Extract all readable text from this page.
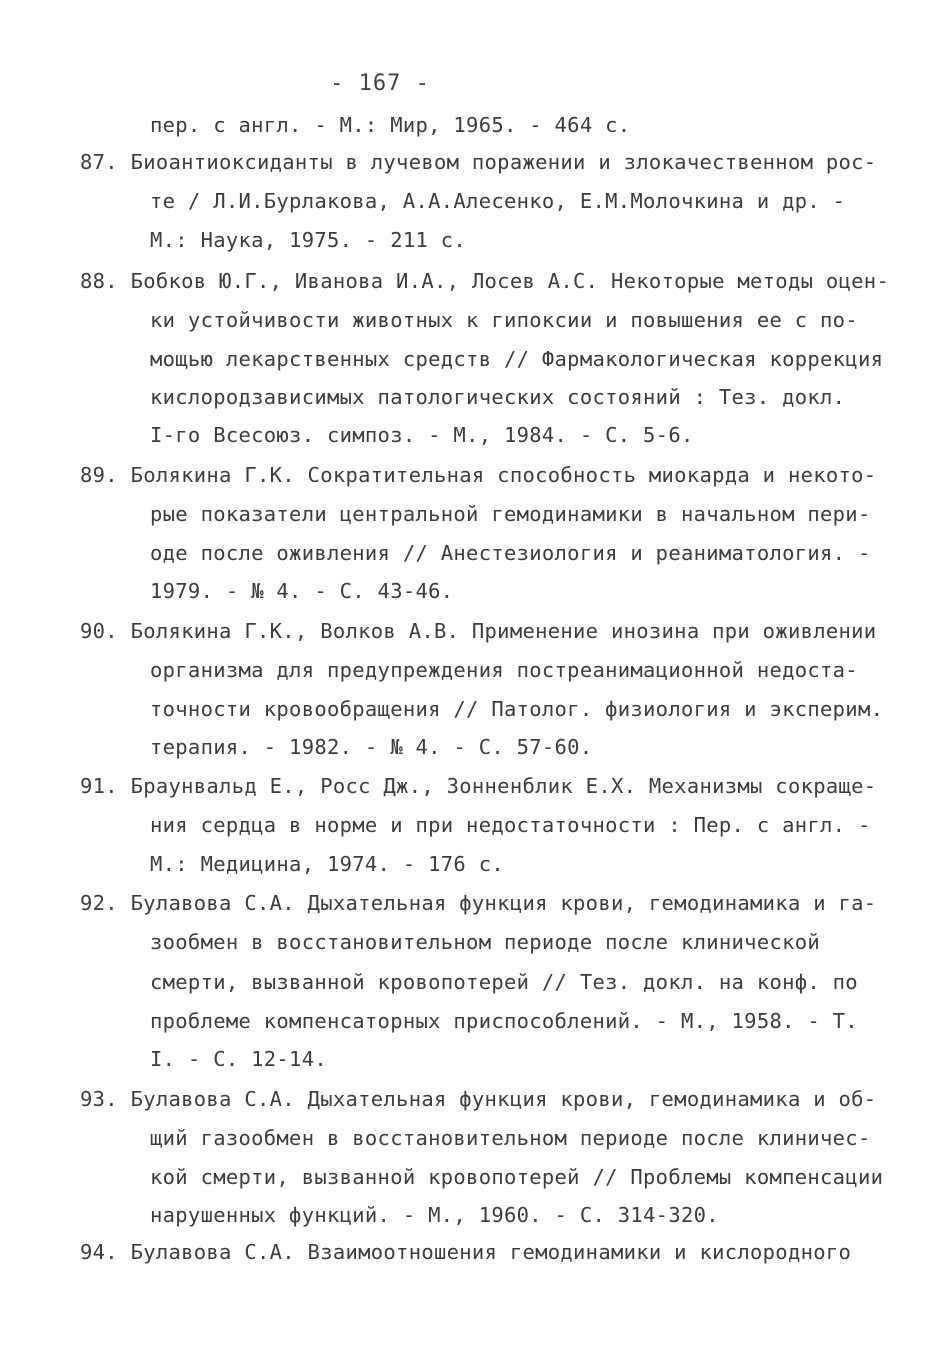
- 167 -
пер. с англ. - М.: Мир, 1965. - 464 с.
87. Биоантиоксиданты в лучевом поражении и злокачественном рос-
те / Л.И.Бурлакова, А.А.Алесенко, Е.М.Молочкина и др. -
М.: Наука, 1975. - 211 с.
88. Бобков Ю.Г., Иванова И.А., Лосев А.С. Некоторые методы оцен-
ки устойчивости животных к гипоксии и повышения ее с по-
мощью лекарственных средств // Фармакологическая коррекция
кислородзависимых патологических состояний : Тез. докл.
I-го Всесоюз. симпоз. - М., 1984. - С. 5-6.
89. Болякина Г.К. Сократительная способность миокарда и некото-
рые показатели центральной гемодинамики в начальном пери-
оде после оживления // Анестезиология и реаниматология. -
1979. - № 4. - С. 43-46.
90. Болякина Г.К., Волков А.В. Применение инозина при оживлении
организма для предупреждения постреанимационной недоста-
точности кровообращения // Патолог. физиология и эксперим.
терапия. - 1982. - № 4. - С. 57-60.
91. Браунвальд Е., Росс Дж., Зонненблик Е.Х. Механизмы сокраще-
ния сердца в норме и при недостаточности : Пер. с англ. -
М.: Медицина, 1974. - 176 с.
92. Булавова С.А. Дыхательная функция крови, гемодинамика и га-
зообмен в восстановительном периоде после клинической
смерти, вызванной кровопотерей // Тез. докл. на конф. по
проблеме компенсаторных приспособлений. - М., 1958. - Т.
I. - С. 12-14.
93. Булавова С.А. Дыхательная функция крови, гемодинамика и об-
щий газообмен в восстановительном периоде после клиничес-
кой смерти, вызванной кровопотерей // Проблемы компенсации
нарушенных функций. - М., 1960. - С. 314-320.
94. Булавова С.А. Взаимоотношения гемодинамики и кислородного
